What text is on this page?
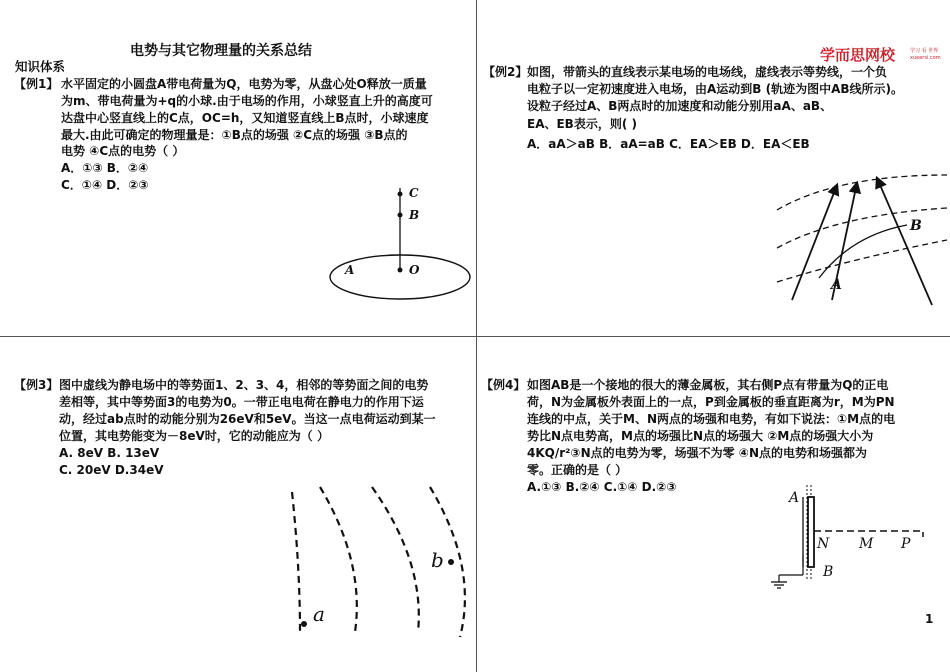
电势与其它物理量的关系总结
知识体系
【例1】 水平固定的小圆盘A带电荷量为Q，电势为零，从盘心处O释放一质量
为m、带电荷量为+q的小球.由于电场的作用，小球竖直上升的高度可
达盘中心竖直线上的C点，OC=h，又知道竖直线上B点时，小球速度
最大.由此可确定的物理量是：①B点的场强 ②C点的场强 ③B点的
电势 ④C点的电势（ ）
A．①③ B．②④
C．①④ D．②③
C
B
A	O
学而思网校	学习 看 世界
xueersi.com
【例2】 如图，带箭头的直线表示某电场的电场线，虚线表示等势线，一个负
电粒子以一定初速度进入电场，由A运动到B (轨迹为图中AB线所示)。
设粒子经过A、B两点时的加速度和动能分别用aA、aB、
EA、EB表示，则( )
A．aA＞aB B．aA=aB C．EA＞EB D．EA＜EB
A
B
【例3】 图中虚线为静电场中的等势面1、2、3、4，相邻的等势面之间的电势
差相等，其中等势面3的电势为0。一带正电电荷在静电力的作用下运
动，经过ab点时的动能分别为26eV和5eV。当这一点电荷运动到某一
位置，其电势能变为－8eV时，它的动能应为（ ）
A. 8eV B. 13eV
C. 20eV D.34eV
a
b
【例4】 如图AB是一个接地的很大的薄金属板，其右侧P点有带量为Q的正电
荷，N为金属板外表面上的一点，P到金属板的垂直距离为r，M为PN
连线的中点，关于M、N两点的场强和电势，有如下说法：①M点的电
势比N点电势高，M点的场强比N点的场强大 ②M点的场强大小为
4KQ/r²③N点的电势为零，场强不为零 ④N点的电势和场强都为
零。正确的是（ ）
A.①③ B.②④ C.①④ D.②③
A
N M P
B
1
